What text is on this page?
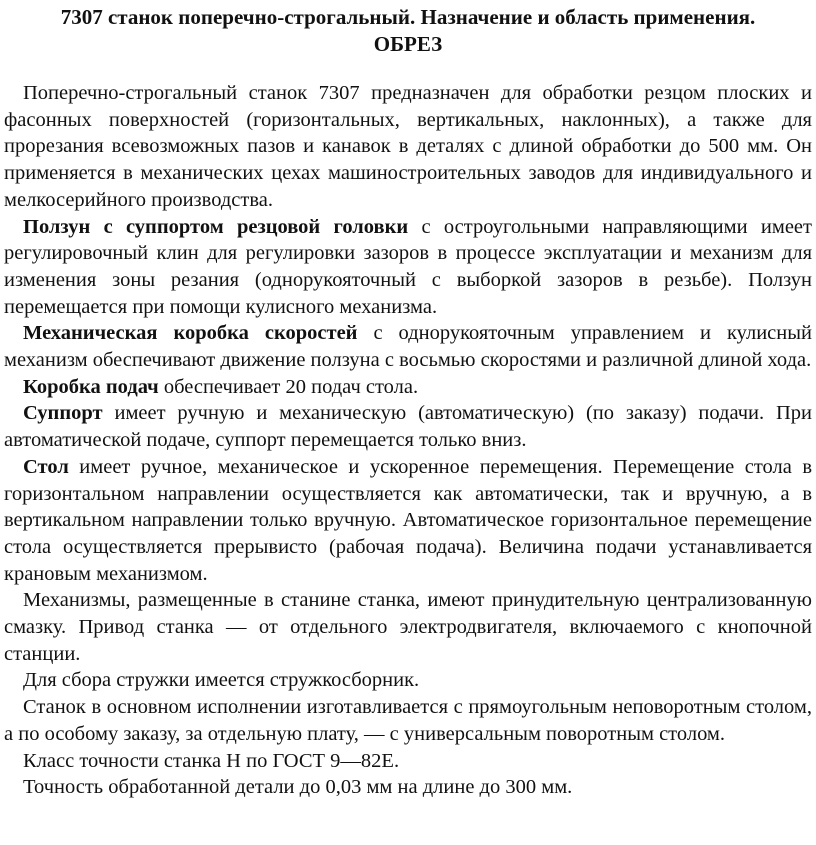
7307 станок поперечно-строгальный. Назначение и область применения.
ОБРЕЗ

Поперечно-строгальный станок 7307 предназначен для обработки резцом плоских и фасонных поверхностей (горизонтальных, вертикальных, наклонных), а также для прорезания всевозможных пазов и канавок в деталях с длиной обработки до 500 мм. Он применяется в механических цехах машиностроительных заводов для индивидуального и мелкосерийного производства.

Ползун с суппортом резцовой головки с остроугольными направляющими имеет регулировочный клин для регулировки зазоров в процессе эксплуатации и механизм для изменения зоны резания (однорукояточный с выборкой зазоров в резьбе). Ползун перемещается при помощи кулисного механизма.

Механическая коробка скоростей с однорукояточным управлением и кулисный механизм обеспечивают движение ползуна с восьмью скоростями и различной длиной хода.

Коробка подач обеспечивает 20 подач стола.

Суппорт имеет ручную и механическую (автоматическую) (по заказу) подачи. При автоматической подаче, суппорт перемещается только вниз.

Стол имеет ручное, механическое и ускоренное перемещения. Перемещение стола в горизонтальном направлении осуществляется как автоматически, так и вручную, а в вертикальном направлении только вручную. Автоматическое горизонтальное перемещение стола осуществляется прерывисто (рабочая подача). Величина подачи устанавливается крановым механизмом.

Механизмы, размещенные в станине станка, имеют принудительную централизованную смазку. Привод станка — от отдельного электродвигателя, включаемого с кнопочной станции.

Для сбора стружки имеется стружкосборник.

Станок в основном исполнении изготавливается с прямоугольным неповоротным столом, а по особому заказу, за отдельную плату, — с универсальным поворотным столом.

Класс точности станка Н по ГОСТ 9—82Е.

Точность обработанной детали до 0,03 мм на длине до 300 мм.
